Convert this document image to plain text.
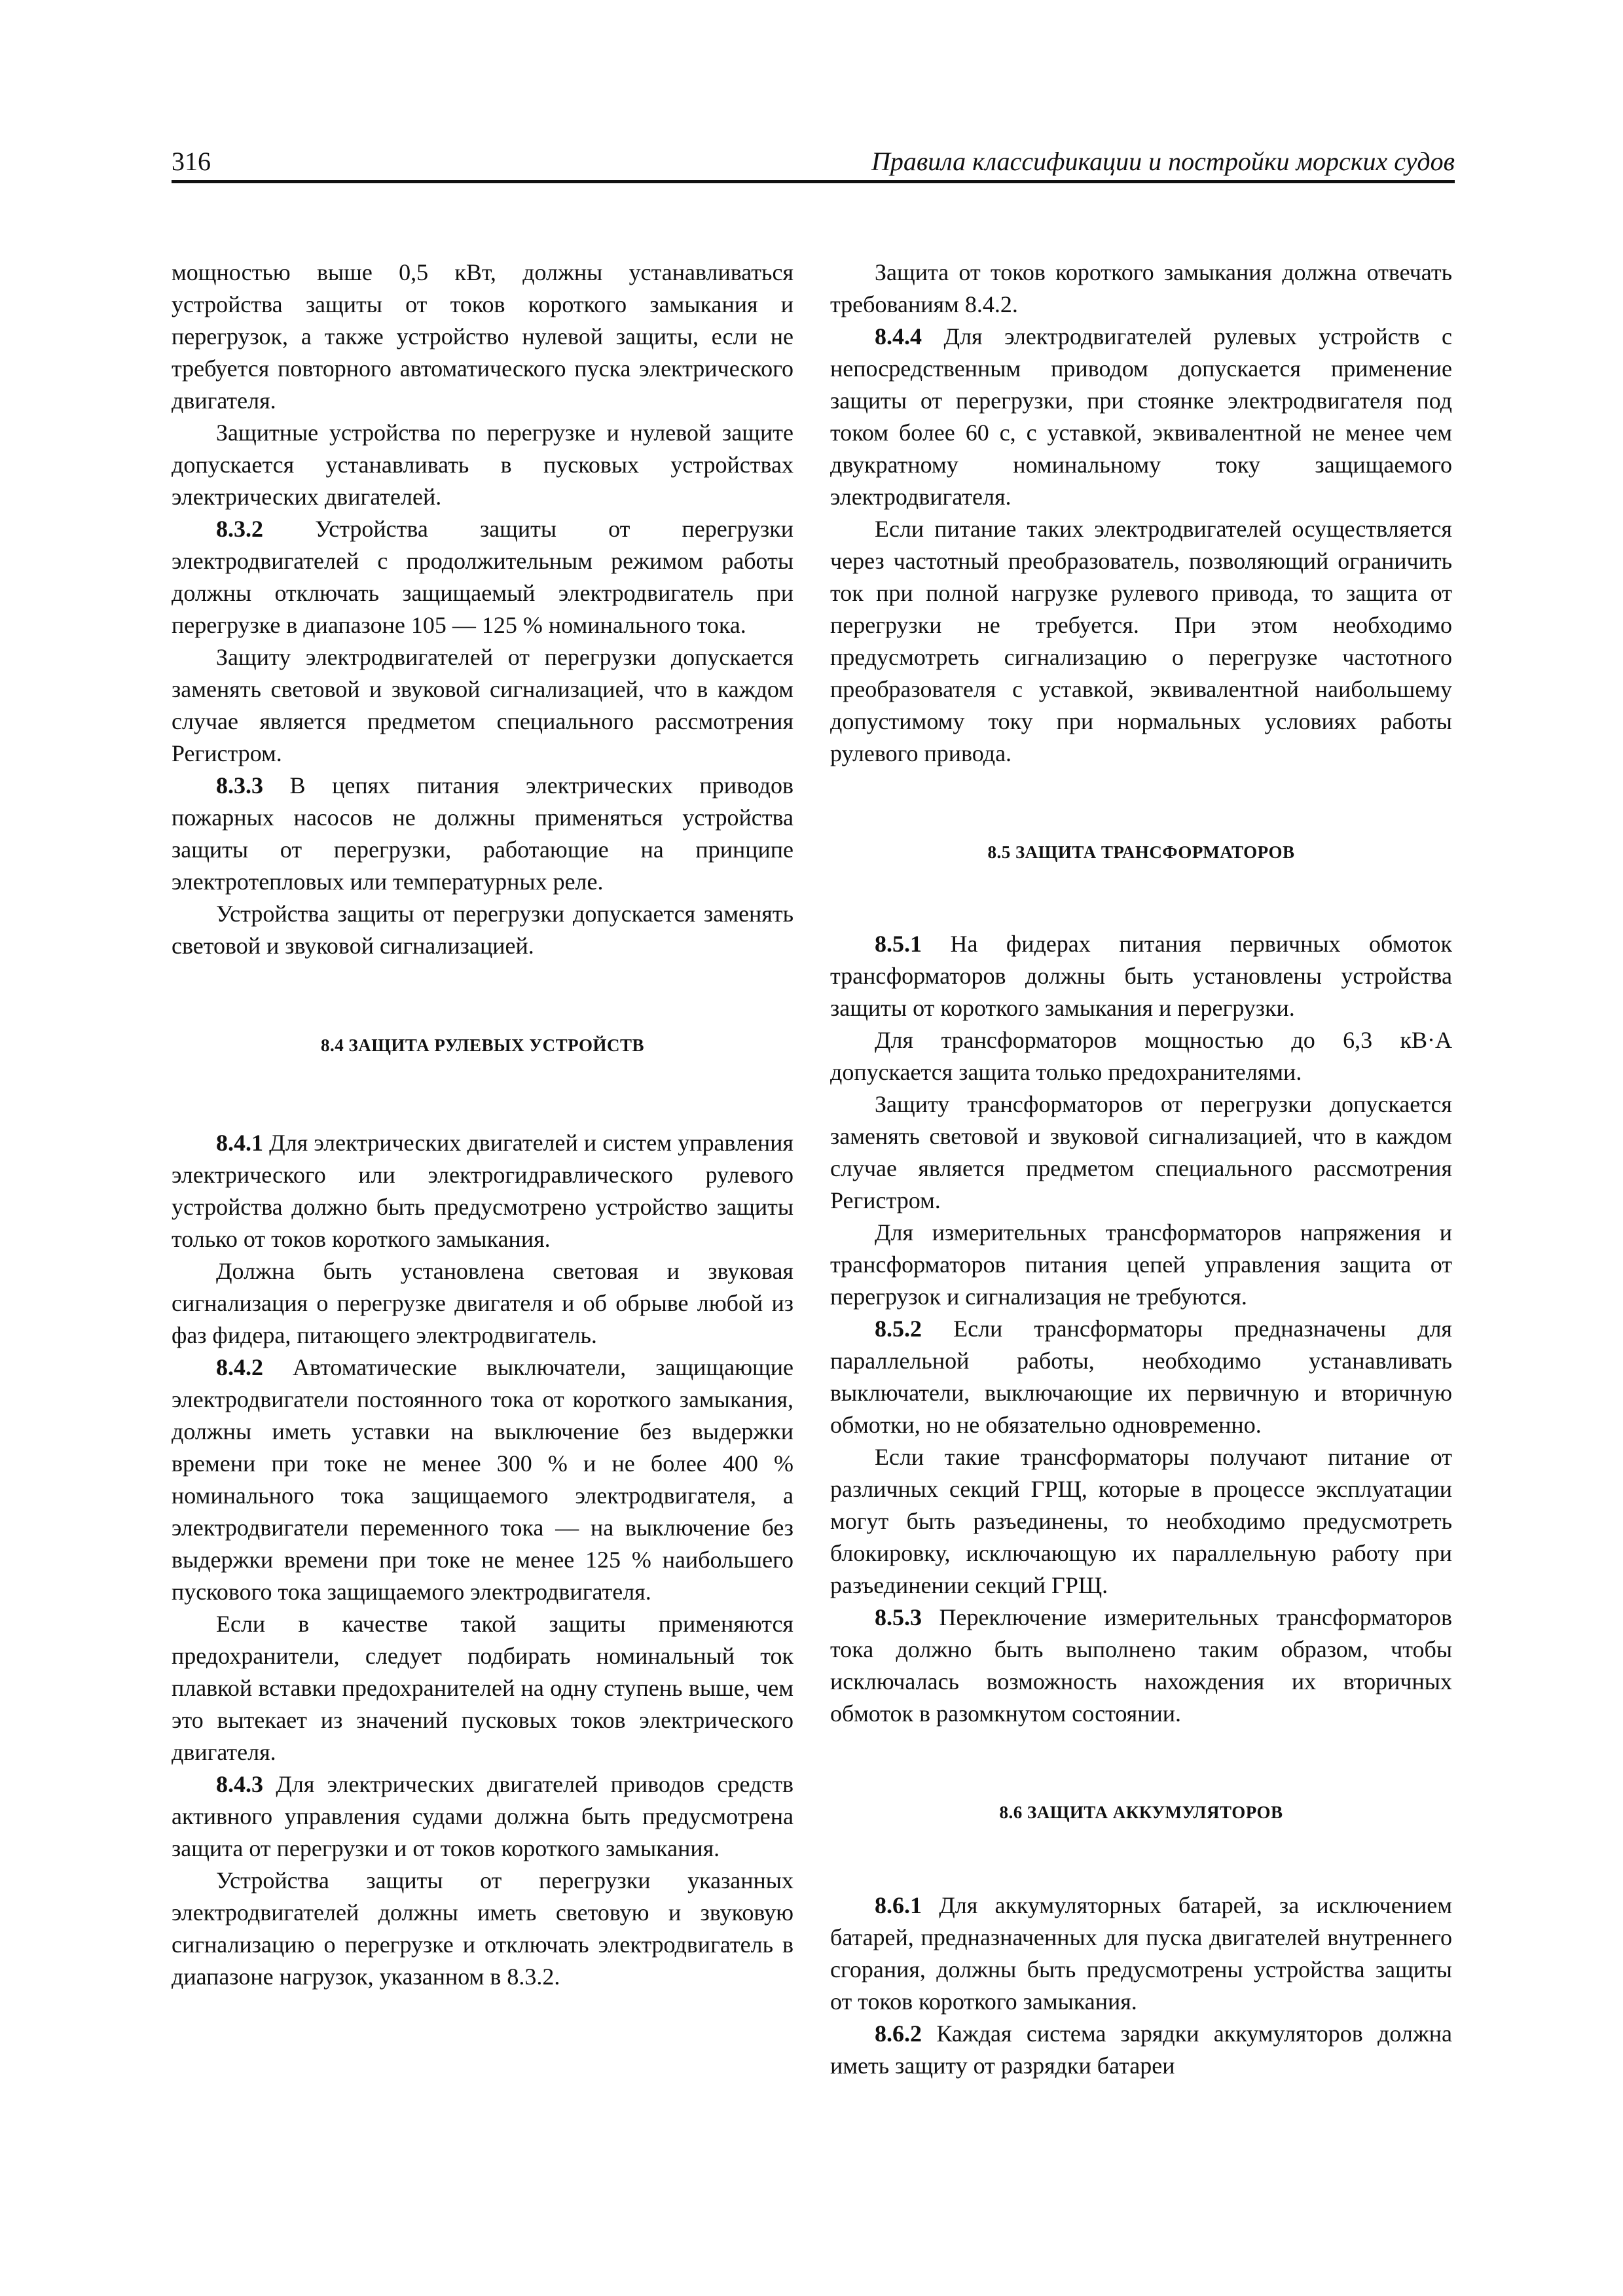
316	Правила классификации и постройки морских судов

мощностью выше 0,5 кВт, должны устанавливаться устройства защиты от токов короткого замыкания и перегрузок, а также устройство нулевой защиты, если не требуется повторного автоматического пуска электрического двигателя.

Защитные устройства по перегрузке и нулевой защите допускается устанавливать в пусковых устройствах электрических двигателей.

8.3.2 Устройства защиты от перегрузки электродвигателей с продолжительным режимом работы должны отключать защищаемый электродвигатель при перегрузке в диапазоне 105 — 125 % номинального тока.

Защиту электродвигателей от перегрузки допускается заменять световой и звуковой сигнализацией, что в каждом случае является предметом специального рассмотрения Регистром.

8.3.3 В цепях питания электрических приводов пожарных насосов не должны применяться устройства защиты от перегрузки, работающие на принципе электротепловых или температурных реле.

Устройства защиты от перегрузки допускается заменять световой и звуковой сигнализацией.

8.4 ЗАЩИТА РУЛЕВЫХ УСТРОЙСТВ

8.4.1 Для электрических двигателей и систем управления электрического или электрогидравлического рулевого устройства должно быть предусмотрено устройство защиты только от токов короткого замыкания.

Должна быть установлена световая и звуковая сигнализация о перегрузке двигателя и об обрыве любой из фаз фидера, питающего электродвигатель.

8.4.2 Автоматические выключатели, защищающие электродвигатели постоянного тока от короткого замыкания, должны иметь уставки на выключение без выдержки времени при токе не менее 300 % и не более 400 % номинального тока защищаемого электродвигателя, а электродвигатели переменного тока — на выключение без выдержки времени при токе не менее 125 % наибольшего пускового тока защищаемого электродвигателя.

Если в качестве такой защиты применяются предохранители, следует подбирать номинальный ток плавкой вставки предохранителей на одну ступень выше, чем это вытекает из значений пусковых токов электрического двигателя.

8.4.3 Для электрических двигателей приводов средств активного управления судами должна быть предусмотрена защита от перегрузки и от токов короткого замыкания.

Устройства защиты от перегрузки указанных электродвигателей должны иметь световую и звуковую сигнализацию о перегрузке и отключать электродвигатель в диапазоне нагрузок, указанном в 8.3.2.

Защита от токов короткого замыкания должна отвечать требованиям 8.4.2.

8.4.4 Для электродвигателей рулевых устройств с непосредственным приводом допускается применение защиты от перегрузки, при стоянке электродвигателя под током более 60 с, с уставкой, эквивалентной не менее чем двукратному номинальному току защищаемого электродвигателя.

Если питание таких электродвигателей осуществляется через частотный преобразователь, позволяющий ограничить ток при полной нагрузке рулевого привода, то защита от перегрузки не требуется. При этом необходимо предусмотреть сигнализацию о перегрузке частотного преобразователя с уставкой, эквивалентной наибольшему допустимому току при нормальных условиях работы рулевого привода.

8.5 ЗАЩИТА ТРАНСФОРМАТОРОВ

8.5.1 На фидерах питания первичных обмоток трансформаторов должны быть установлены устройства защиты от короткого замыкания и перегрузки.

Для трансформаторов мощностью до 6,3 кВ·А допускается защита только предохранителями.

Защиту трансформаторов от перегрузки допускается заменять световой и звуковой сигнализацией, что в каждом случае является предметом специального рассмотрения Регистром.

Для измерительных трансформаторов напряжения и трансформаторов питания цепей управления защита от перегрузок и сигнализация не требуются.

8.5.2 Если трансформаторы предназначены для параллельной работы, необходимо устанавливать выключатели, выключающие их первичную и вторичную обмотки, но не обязательно одновременно.

Если такие трансформаторы получают питание от различных секций ГРЩ, которые в процессе эксплуатации могут быть разъединены, то необходимо предусмотреть блокировку, исключающую их параллельную работу при разъединении секций ГРЩ.

8.5.3 Переключение измерительных трансформаторов тока должно быть выполнено таким образом, чтобы исключалась возможность нахождения их вторичных обмоток в разомкнутом состоянии.

8.6 ЗАЩИТА АККУМУЛЯТОРОВ

8.6.1 Для аккумуляторных батарей, за исключением батарей, предназначенных для пуска двигателей внутреннего сгорания, должны быть предусмотрены устройства защиты от токов короткого замыкания.

8.6.2 Каждая система зарядки аккумуляторов должна иметь защиту от разрядки батареи
